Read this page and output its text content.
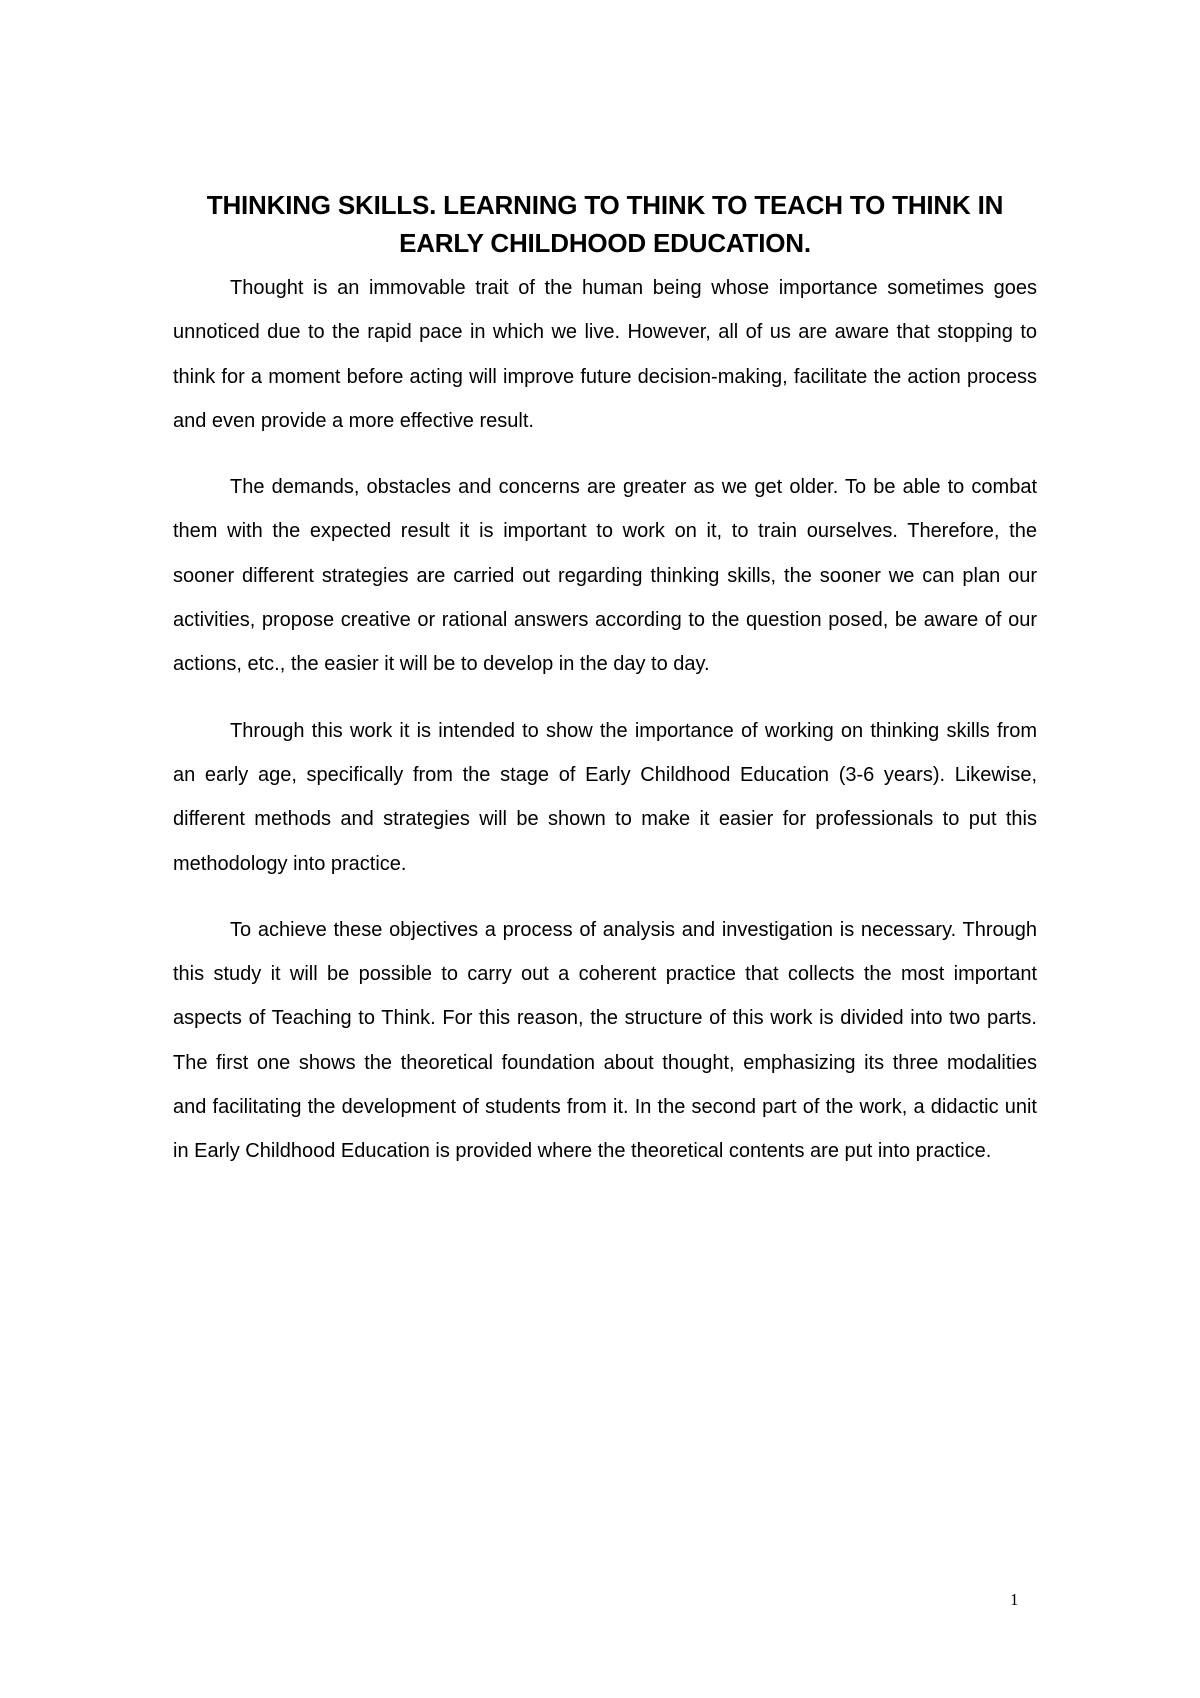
THINKING SKILLS. LEARNING TO THINK TO TEACH TO THINK IN EARLY CHILDHOOD EDUCATION.

Thought is an immovable trait of the human being whose importance sometimes goes unnoticed due to the rapid pace in which we live. However, all of us are aware that stopping to think for a moment before acting will improve future decision-making, facilitate the action process and even provide a more effective result.

The demands, obstacles and concerns are greater as we get older. To be able to combat them with the expected result it is important to work on it, to train ourselves. Therefore, the sooner different strategies are carried out regarding thinking skills, the sooner we can plan our activities, propose creative or rational answers according to the question posed, be aware of our actions, etc., the easier it will be to develop in the day to day.

Through this work it is intended to show the importance of working on thinking skills from an early age, specifically from the stage of Early Childhood Education (3-6 years). Likewise, different methods and strategies will be shown to make it easier for professionals to put this methodology into practice.

To achieve these objectives a process of analysis and investigation is necessary. Through this study it will be possible to carry out a coherent practice that collects the most important aspects of Teaching to Think. For this reason, the structure of this work is divided into two parts. The first one shows the theoretical foundation about thought, emphasizing its three modalities and facilitating the development of students from it. In the second part of the work, a didactic unit in Early Childhood Education is provided where the theoretical contents are put into practice.

1
